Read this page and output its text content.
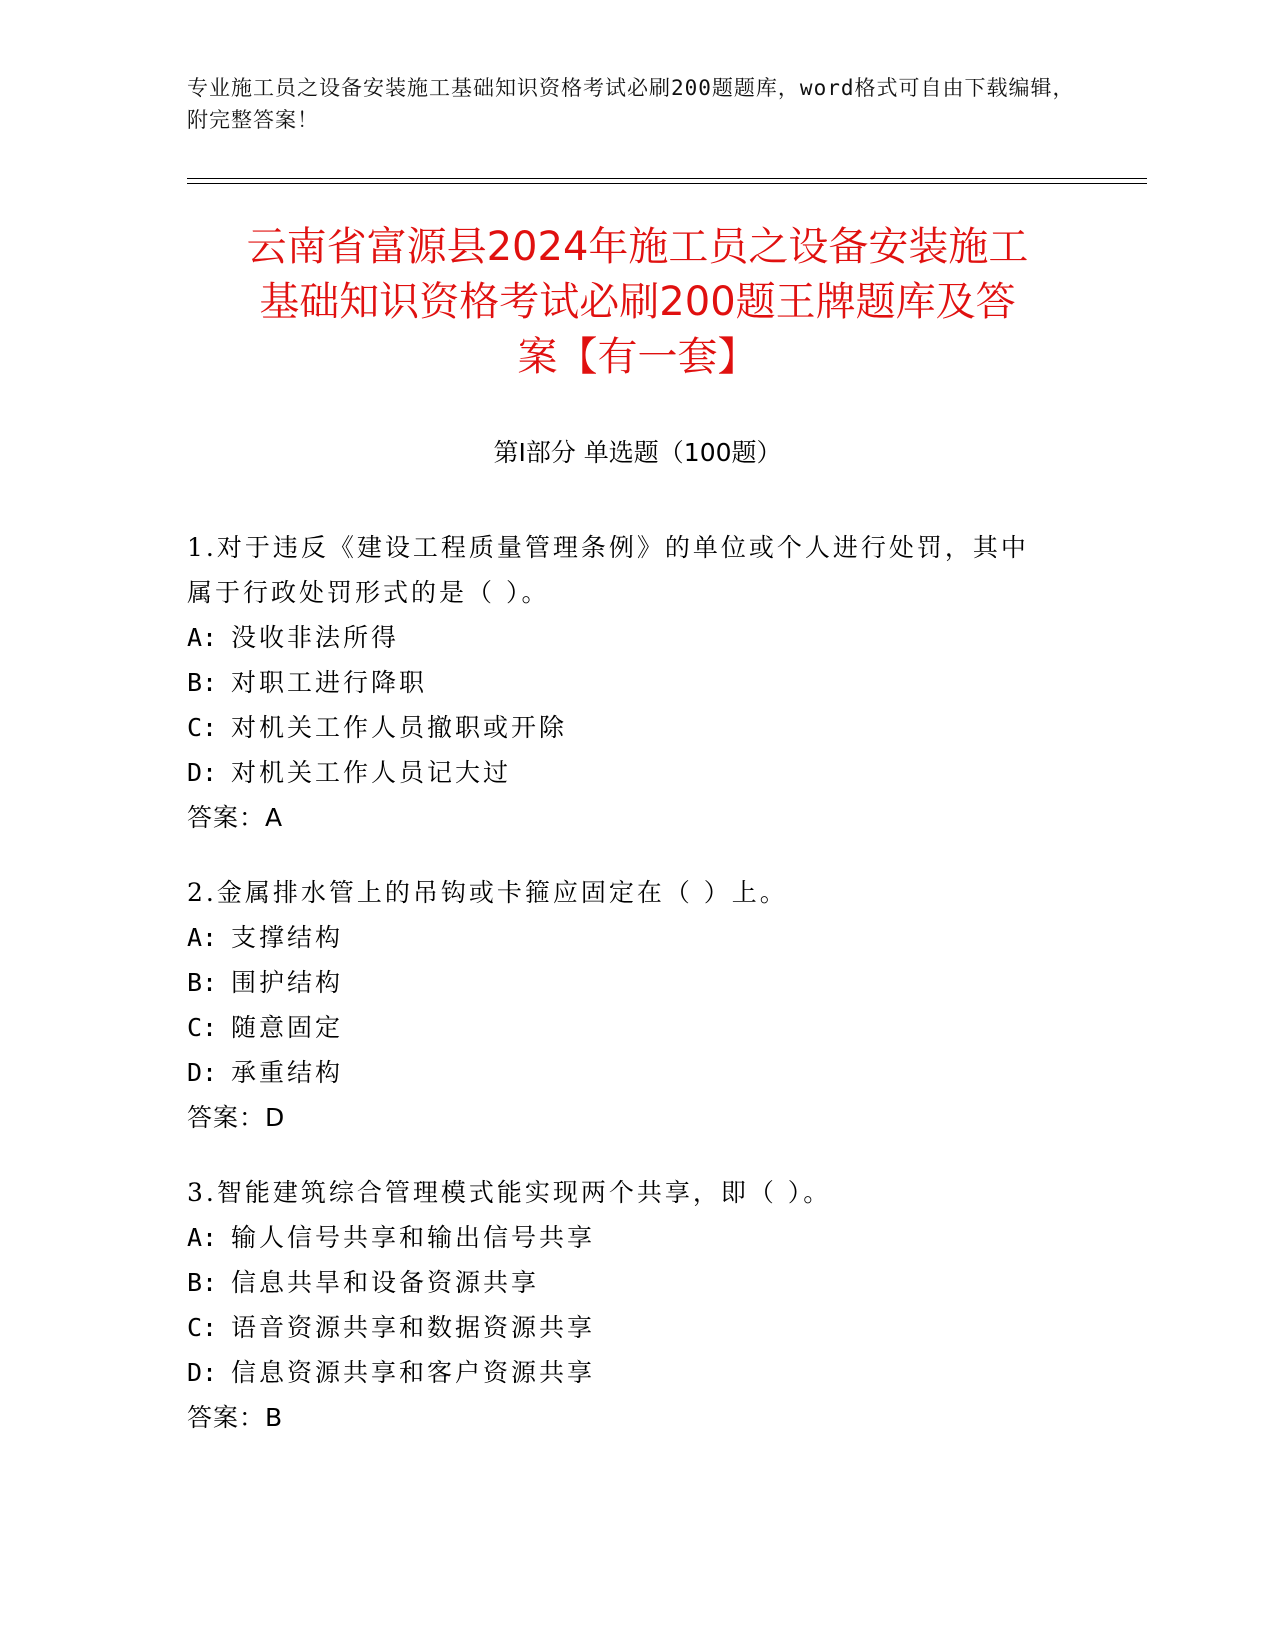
专业施工员之设备安装施工基础知识资格考试必刷200题题库，word格式可自由下载编辑，附完整答案！
云南省富源县2024年施工员之设备安装施工
基础知识资格考试必刷200题王牌题库及答
案【有一套】
第I部分 单选题（100题）
1.对于违反《建设工程质量管理条例》的单位或个人进行处罚，其中
属于行政处罚形式的是（ ）。
A: 没收非法所得
B: 对职工进行降职
C: 对机关工作人员撤职或开除
D: 对机关工作人员记大过
答案：A
2.金属排水管上的吊钩或卡箍应固定在（ ）上。
A: 支撑结构
B: 围护结构
C: 随意固定
D: 承重结构
答案：D
3.智能建筑综合管理模式能实现两个共享，即（ ）。
A: 输人信号共享和输出信号共享
B: 信息共旱和设备资源共享
C: 语音资源共享和数据资源共享
D: 信息资源共享和客户资源共享
答案：B
